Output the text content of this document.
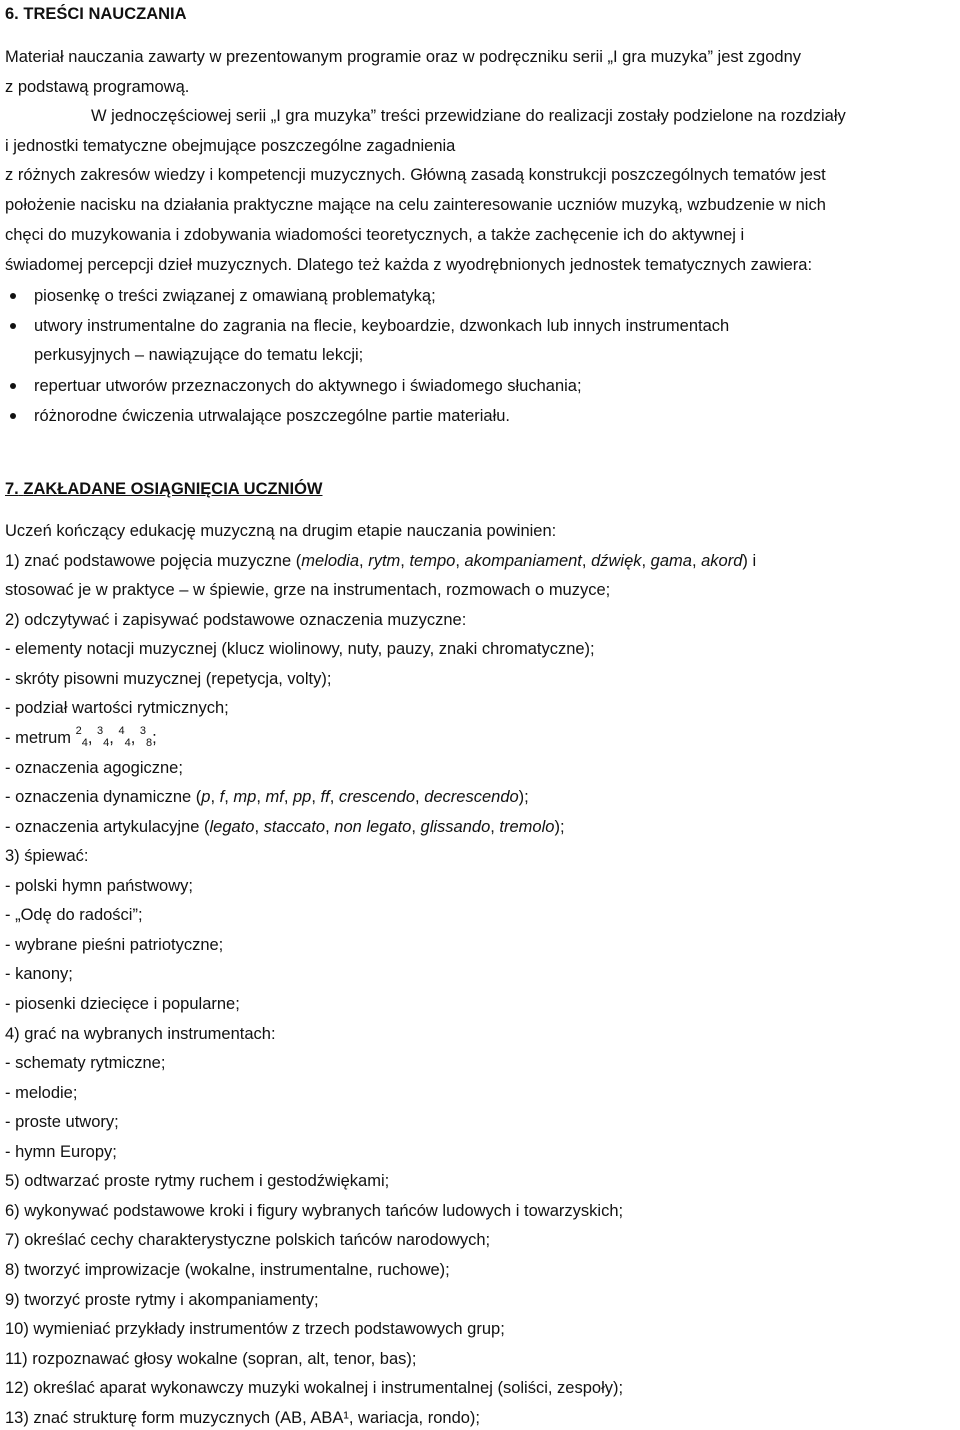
6. TREŚCI NAUCZANIA
Materiał nauczania zawarty w prezentowanym programie oraz w podręczniku serii „I gra muzyka” jest zgodny
z podstawą programową.
W jednoczęściowej serii „I gra muzyka” treści przewidziane do realizacji zostały podzielone na rozdziały
i jednostki tematyczne obejmujące poszczególne zagadnienia
z różnych zakresów wiedzy i kompetencji muzycznych. Główną zasadą konstrukcji poszczególnych tematów jest
położenie nacisku na działania praktyczne mające na celu zainteresowanie uczniów muzyką, wzbudzenie w nich
chęci do muzykowania i zdobywania wiadomości teoretycznych, a także zachęcenie ich do aktywnej i
świadomej percepcji dzieł muzycznych. Dlatego też każda z wyodrębnionych jednostek tematycznych zawiera:
piosenkę o treści związanej z omawianą problematyką;
utwory instrumentalne do zagrania na flecie, keyboardzie, dzwonkach lub innych instrumentach
perkusyjnych – nawiązujące do tematu lekcji;
repertuar utworów przeznaczonych do aktywnego i świadomego słuchania;
różnorodne ćwiczenia utrwalające poszczególne partie materiału.
7. ZAKŁADANE OSIĄGNIĘCIA UCZNIÓW
Uczeń kończący edukację muzyczną na drugim etapie nauczania powinien:
1) znać podstawowe pojęcia muzyczne (melodia, rytm, tempo, akompaniament, dźwięk, gama, akord) i
stosować je w praktyce – w śpiewie, grze na instrumentach, rozmowach o muzyce;
2) odczytywać i zapisywać podstawowe oznaczenia muzyczne:
- elementy notacji muzycznej (klucz wiolinowy, nuty, pauzy, znaki chromatyczne);
- skróty pisowni muzycznej (repetycja, volty);
- podział wartości rytmicznych;
- metrum $^2$4, $^3$4, $^4$4, $^3$8;
- oznaczenia agogiczne;
- oznaczenia dynamiczne (p, f, mp, mf, pp, ff, crescendo, decrescendo);
- oznaczenia artykulacyjne (legato, staccato, non legato, glissando, tremolo);
3) śpiewać:
- polski hymn państwowy;
- „Odę do radości”;
- wybrane pieśni patriotyczne;
- kanony;
- piosenki dziecięce i popularne;
4) grać na wybranych instrumentach:
- schematy rytmiczne;
- melodie;
- proste utwory;
- hymn Europy;
5) odtwarzać proste rytmy ruchem i gestodźwiękami;
6) wykonywać podstawowe kroki i figury wybranych tańców ludowych i towarzyskich;
7) określać cechy charakterystyczne polskich tańców narodowych;
8) tworzyć improwizacje (wokalne, instrumentalne, ruchowe);
9) tworzyć proste rytmy i akompaniamenty;
10) wymieniać przykłady instrumentów z trzech podstawowych grup;
11) rozpoznawać głosy wokalne (sopran, alt, tenor, bas);
12) określać aparat wykonawczy muzyki wokalnej i instrumentalnej (soliści, zespoły);
13) znać strukturę form muzycznych (AB, ABA¹, wariacja, rondo);
